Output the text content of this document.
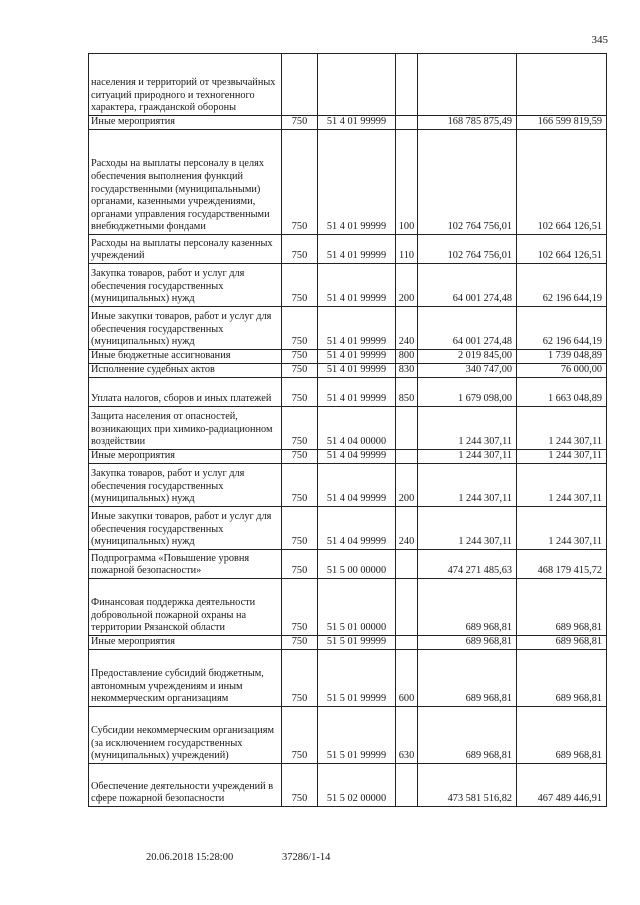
345
населения и территорий от чрезвычайных ситуаций природного и техногенного характера, гражданской обороны					
Иные мероприятия	750	51 4 01 99999		168 785 875,49	166 599 819,59
Расходы на выплаты персоналу в целях обеспечения выполнения функций государственными (муниципальными) органами, казенными учреждениями, органами управления государственными внебюджетными фондами	750	51 4 01 99999	100	102 764 756,01	102 664 126,51
Расходы на выплаты персоналу казенных учреждений	750	51 4 01 99999	110	102 764 756,01	102 664 126,51
Закупка товаров, работ и услуг для обеспечения государственных (муниципальных) нужд	750	51 4 01 99999	200	64 001 274,48	62 196 644,19
Иные закупки товаров, работ и услуг для обеспечения государственных (муниципальных) нужд	750	51 4 01 99999	240	64 001 274,48	62 196 644,19
Иные бюджетные ассигнования	750	51 4 01 99999	800	2 019 845,00	1 739 048,89
Исполнение судебных актов	750	51 4 01 99999	830	340 747,00	76 000,00
Уплата налогов, сборов и иных платежей	750	51 4 01 99999	850	1 679 098,00	1 663 048,89
Защита населения от опасностей, возникающих при химико-радиационном воздействии	750	51 4 04 00000		1 244 307,11	1 244 307,11
Иные мероприятия	750	51 4 04 99999		1 244 307,11	1 244 307,11
Закупка товаров, работ и услуг для обеспечения государственных (муниципальных) нужд	750	51 4 04 99999	200	1 244 307,11	1 244 307,11
Иные закупки товаров, работ и услуг для обеспечения государственных (муниципальных) нужд	750	51 4 04 99999	240	1 244 307,11	1 244 307,11
Подпрограмма «Повышение уровня пожарной безопасности»	750	51 5 00 00000		474 271 485,63	468 179 415,72
Финансовая поддержка деятельности добровольной пожарной охраны на территории Рязанской области	750	51 5 01 00000		689 968,81	689 968,81
Иные мероприятия	750	51 5 01 99999		689 968,81	689 968,81
Предоставление субсидий бюджетным, автономным учреждениям и иным некоммерческим организациям	750	51 5 01 99999	600	689 968,81	689 968,81
Субсидии некоммерческим организациям (за исключением государственных (муниципальных) учреждений)	750	51 5 01 99999	630	689 968,81	689 968,81
Обеспечение деятельности учреждений в сфере пожарной безопасности	750	51 5 02 00000		473 581 516,82	467 489 446,91
20.06.2018 15:28:00	37286/1-14
